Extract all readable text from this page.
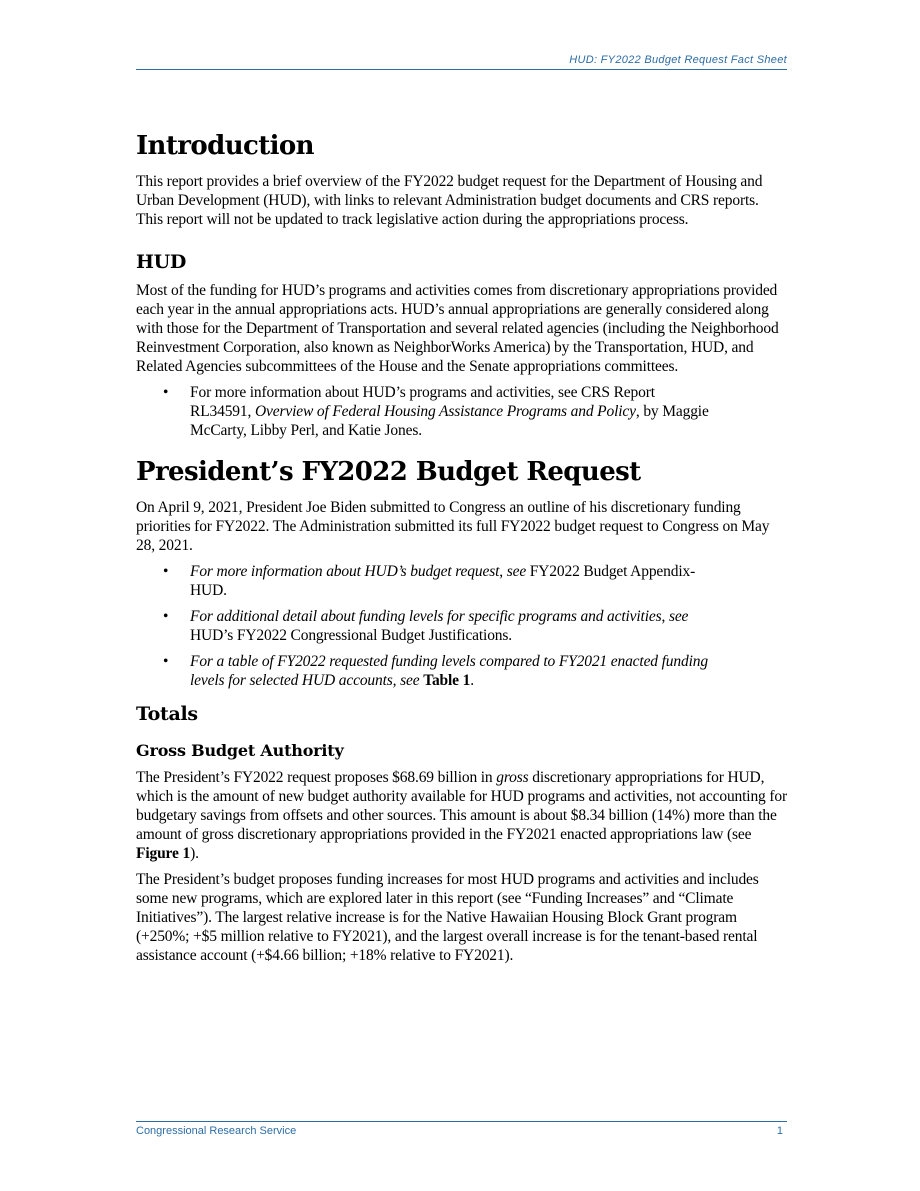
HUD: FY2022 Budget Request Fact Sheet
Introduction

This report provides a brief overview of the FY2022 budget request for the Department of Housing and Urban Development (HUD), with links to relevant Administration budget documents and CRS reports. This report will not be updated to track legislative action during the appropriations process.

HUD

Most of the funding for HUD’s programs and activities comes from discretionary appropriations provided each year in the annual appropriations acts. HUD’s annual appropriations are generally considered along with those for the Department of Transportation and several related agencies (including the Neighborhood Reinvestment Corporation, also known as NeighborWorks America) by the Transportation, HUD, and Related Agencies subcommittees of the House and the Senate appropriations committees.

• For more information about HUD’s programs and activities, see CRS Report RL34591, Overview of Federal Housing Assistance Programs and Policy, by Maggie McCarty, Libby Perl, and Katie Jones.
President’s FY2022 Budget Request

On April 9, 2021, President Joe Biden submitted to Congress an outline of his discretionary funding priorities for FY2022. The Administration submitted its full FY2022 budget request to Congress on May 28, 2021.

• For more information about HUD’s budget request, see FY2022 Budget Appendix-HUD.
• For additional detail about funding levels for specific programs and activities, see HUD’s FY2022 Congressional Budget Justifications.
• For a table of FY2022 requested funding levels compared to FY2021 enacted funding levels for selected HUD accounts, see Table 1.
Totals
Gross Budget Authority

The President’s FY2022 request proposes $68.69 billion in gross discretionary appropriations for HUD, which is the amount of new budget authority available for HUD programs and activities, not accounting for budgetary savings from offsets and other sources. This amount is about $8.34 billion (14%) more than the amount of gross discretionary appropriations provided in the FY2021 enacted appropriations law (see Figure 1).

The President’s budget proposes funding increases for most HUD programs and activities and includes some new programs, which are explored later in this report (see “Funding Increases” and “Climate Initiatives”). The largest relative increase is for the Native Hawaiian Housing Block Grant program (+250%; +$5 million relative to FY2021), and the largest overall increase is for the tenant-based rental assistance account (+$4.66 billion; +18% relative to FY2021).

Congressional Research Service	1
